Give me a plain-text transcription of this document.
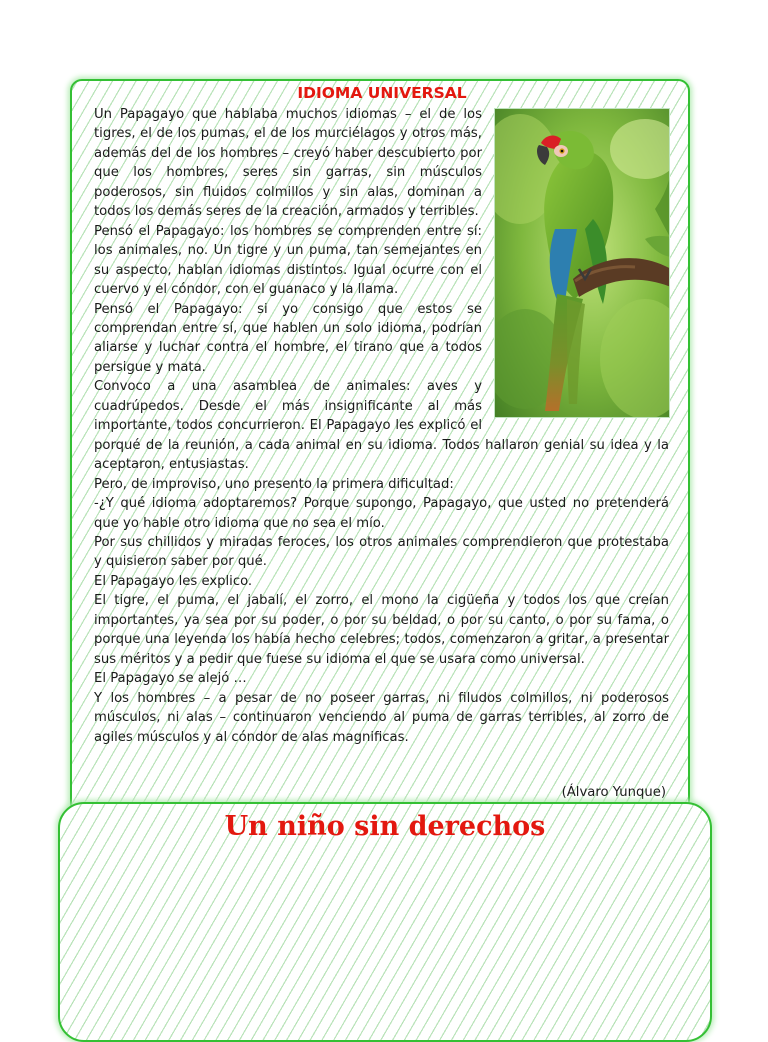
IDIOMA UNIVERSAL

Un Papagayo que hablaba muchos idiomas – el de los tigres, el de los pumas, el de los murciélagos y otros más, además del de los hombres – creyó haber descubierto por que los hombres, seres sin garras, sin músculos poderosos, sin fluidos colmillos y sin alas, dominan a todos los demás seres de la creación, armados y terribles.

Pensó el Papagayo: los hombres se comprenden entre sí: los animales, no. Un tigre y un puma, tan semejantes en su aspecto, hablan idiomas distintos. Igual ocurre con el cuervo y el cóndor, con el guanaco y la llama.

Pensó el Papagayo: si yo consigo que estos se comprendan entre sí, que hablen un solo idioma, podrían aliarse y luchar contra el hombre, el tirano que a todos persigue y mata.

Convoco a una asamblea de animales: aves y cuadrúpedos. Desde el más insignificante al más importante, todos concurrieron. El Papagayo les explicó el porqué de la reunión, a cada animal en su idioma. Todos hallaron genial su idea y la aceptaron, entusiastas.

Pero, de improviso, uno presento la primera dificultad:

-¿Y qué idioma adoptaremos? Porque supongo, Papagayo, que usted no pretenderá que yo hable otro idioma que no sea el mío.

Por sus chillidos y miradas feroces, los otros animales comprendieron que protestaba y quisieron saber por qué.

El Papagayo les explico.

El tigre, el puma, el jabalí, el zorro, el mono la cigüeña y todos los que creían importantes, ya sea por su poder, o por su beldad, o por su canto, o por su fama, o porque una leyenda los había hecho celebres; todos, comenzaron a gritar, a presentar sus méritos y a pedir que fuese su idioma el que se usara como universal.

El Papagayo se alejó …

Y los hombres – a pesar de no poseer garras, ni filudos colmillos, ni poderosos músculos, ni alas – continuaron venciendo al puma de garras terribles, al zorro de agiles músculos y al cóndor de alas magnificas.

(Álvaro Yunque)
Un niño sin derechos
